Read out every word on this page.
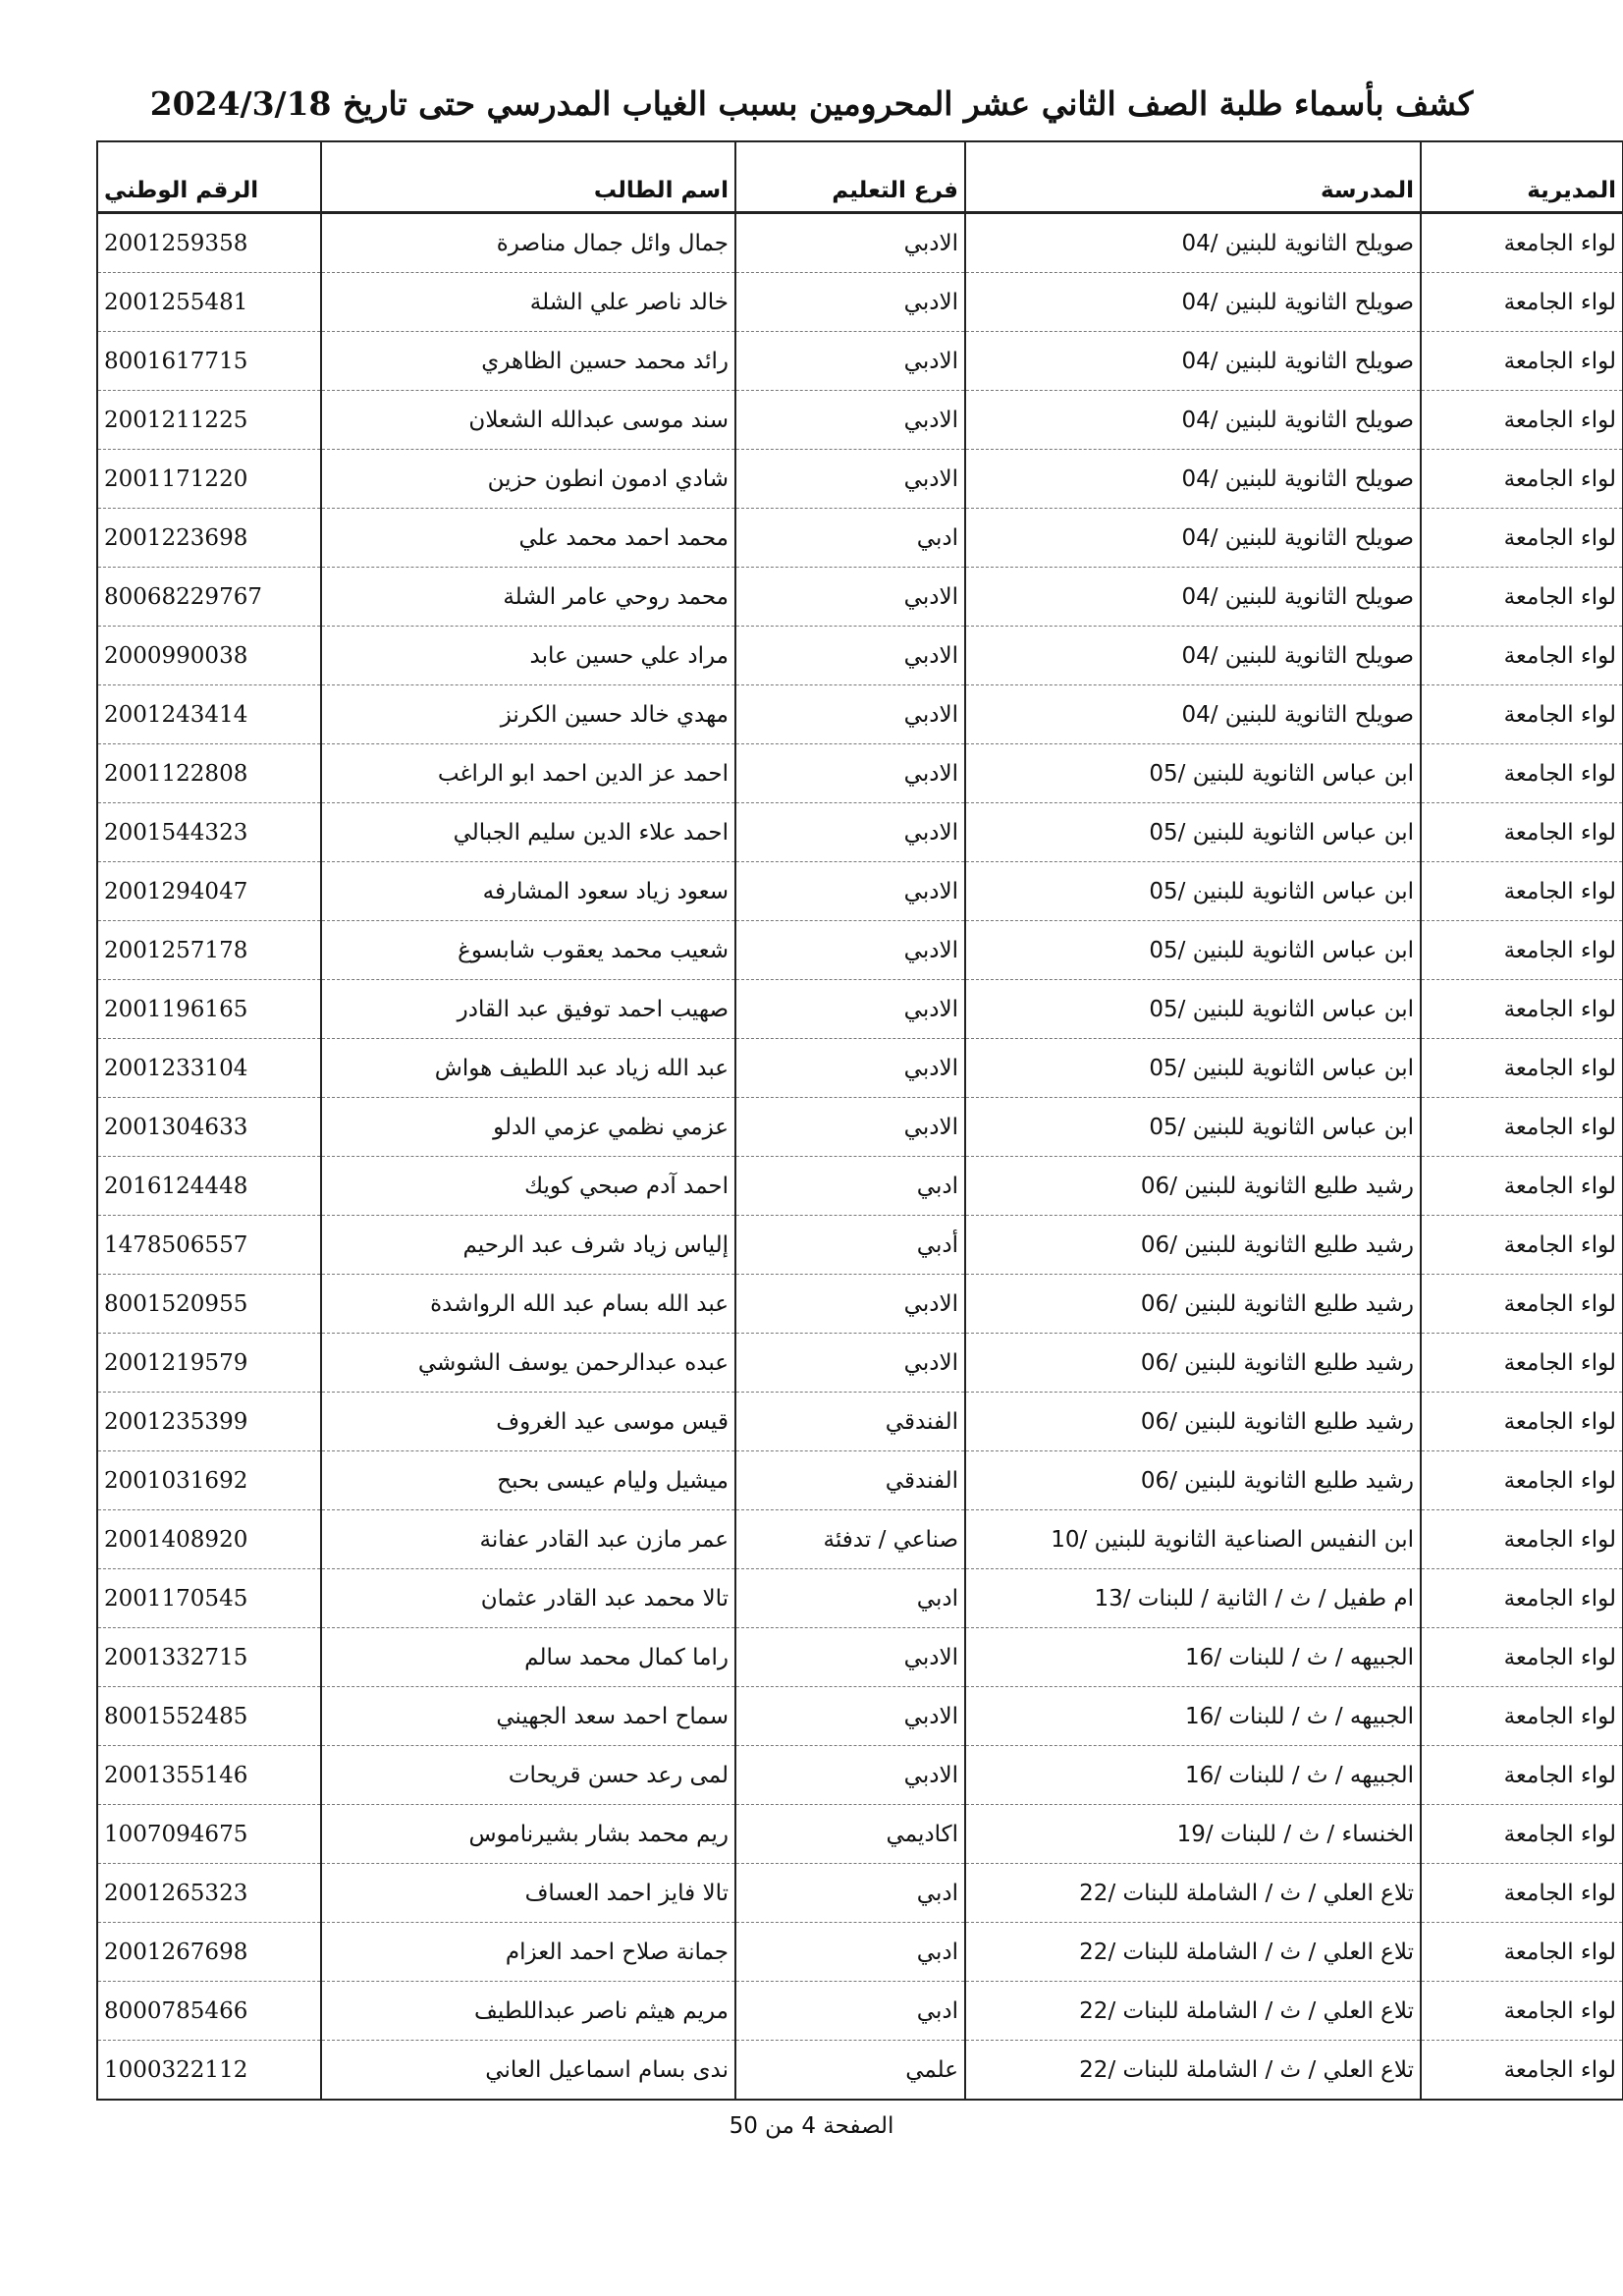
كشف بأسماء طلبة الصف الثاني عشر المحرومين بسبب الغياب المدرسي حتى تاريخ 2024/3/18
المديرية	المدرسة	فرع التعليم	اسم الطالب	الرقم الوطني
لواء الجامعة	صويلح الثانوية للبنين /04	الادبي	جمال وائل جمال مناصرة	2001259358
لواء الجامعة	صويلح الثانوية للبنين /04	الادبي	خالد ناصر علي الشلة	2001255481
لواء الجامعة	صويلح الثانوية للبنين /04	الادبي	رائد محمد حسين الظاهري	8001617715
لواء الجامعة	صويلح الثانوية للبنين /04	الادبي	سند موسى عبدالله الشعلان	2001211225
لواء الجامعة	صويلح الثانوية للبنين /04	الادبي	شادي ادمون انطون حزين	2001171220
لواء الجامعة	صويلح الثانوية للبنين /04	ادبي	محمد احمد محمد علي	2001223698
لواء الجامعة	صويلح الثانوية للبنين /04	الادبي	محمد روحي عامر الشلة	80068229767
لواء الجامعة	صويلح الثانوية للبنين /04	الادبي	مراد علي حسين عابد	2000990038
لواء الجامعة	صويلح الثانوية للبنين /04	الادبي	مهدي خالد حسين الكرنز	2001243414
لواء الجامعة	ابن عباس الثانوية للبنين /05	الادبي	احمد عز الدين احمد ابو الراغب	2001122808
لواء الجامعة	ابن عباس الثانوية للبنين /05	الادبي	احمد علاء الدين سليم الجبالي	2001544323
لواء الجامعة	ابن عباس الثانوية للبنين /05	الادبي	سعود زياد سعود المشارفه	2001294047
لواء الجامعة	ابن عباس الثانوية للبنين /05	الادبي	شعيب محمد يعقوب شابسوغ	2001257178
لواء الجامعة	ابن عباس الثانوية للبنين /05	الادبي	صهيب احمد توفيق عبد القادر	2001196165
لواء الجامعة	ابن عباس الثانوية للبنين /05	الادبي	عبد الله زياد عبد اللطيف هواش	2001233104
لواء الجامعة	ابن عباس الثانوية للبنين /05	الادبي	عزمي نظمي عزمي الدلو	2001304633
لواء الجامعة	رشيد طليع الثانوية للبنين /06	ادبي	احمد آدم صبحي كويك	2016124448
لواء الجامعة	رشيد طليع الثانوية للبنين /06	أدبي	إلياس زياد شرف عبد الرحيم	1478506557
لواء الجامعة	رشيد طليع الثانوية للبنين /06	الادبي	عبد الله بسام عبد الله الرواشدة	8001520955
لواء الجامعة	رشيد طليع الثانوية للبنين /06	الادبي	عبده عبدالرحمن يوسف الشوشي	2001219579
لواء الجامعة	رشيد طليع الثانوية للبنين /06	الفندقي	قيس موسى عيد الغروف	2001235399
لواء الجامعة	رشيد طليع الثانوية للبنين /06	الفندقي	ميشيل وليام عيسى بحبح	2001031692
لواء الجامعة	ابن النفيس الصناعية الثانوية للبنين /10	صناعي / تدفئة	عمر مازن عبد القادر عفانة	2001408920
لواء الجامعة	ام طفيل / ث / الثانية / للبنات /13	ادبي	تالا محمد عبد القادر عثمان	2001170545
لواء الجامعة	الجبيهه / ث / للبنات /16	الادبي	راما كمال محمد سالم	2001332715
لواء الجامعة	الجبيهه / ث / للبنات /16	الادبي	سماح احمد سعد الجهيني	8001552485
لواء الجامعة	الجبيهه / ث / للبنات /16	الادبي	لمى رعد حسن قريحات	2001355146
لواء الجامعة	الخنساء / ث / للبنات /19	اكاديمي	ريم محمد بشار بشيرناموس	1007094675
لواء الجامعة	تلاع العلي / ث / الشاملة للبنات /22	ادبي	تالا فايز احمد العساف	2001265323
لواء الجامعة	تلاع العلي / ث / الشاملة للبنات /22	ادبي	جمانة صلاح احمد العزام	2001267698
لواء الجامعة	تلاع العلي / ث / الشاملة للبنات /22	ادبي	مريم هيثم ناصر عبداللطيف	8000785466
لواء الجامعة	تلاع العلي / ث / الشاملة للبنات /22	علمي	ندى بسام اسماعيل العاني	1000322112
الصفحة 4 من 50
